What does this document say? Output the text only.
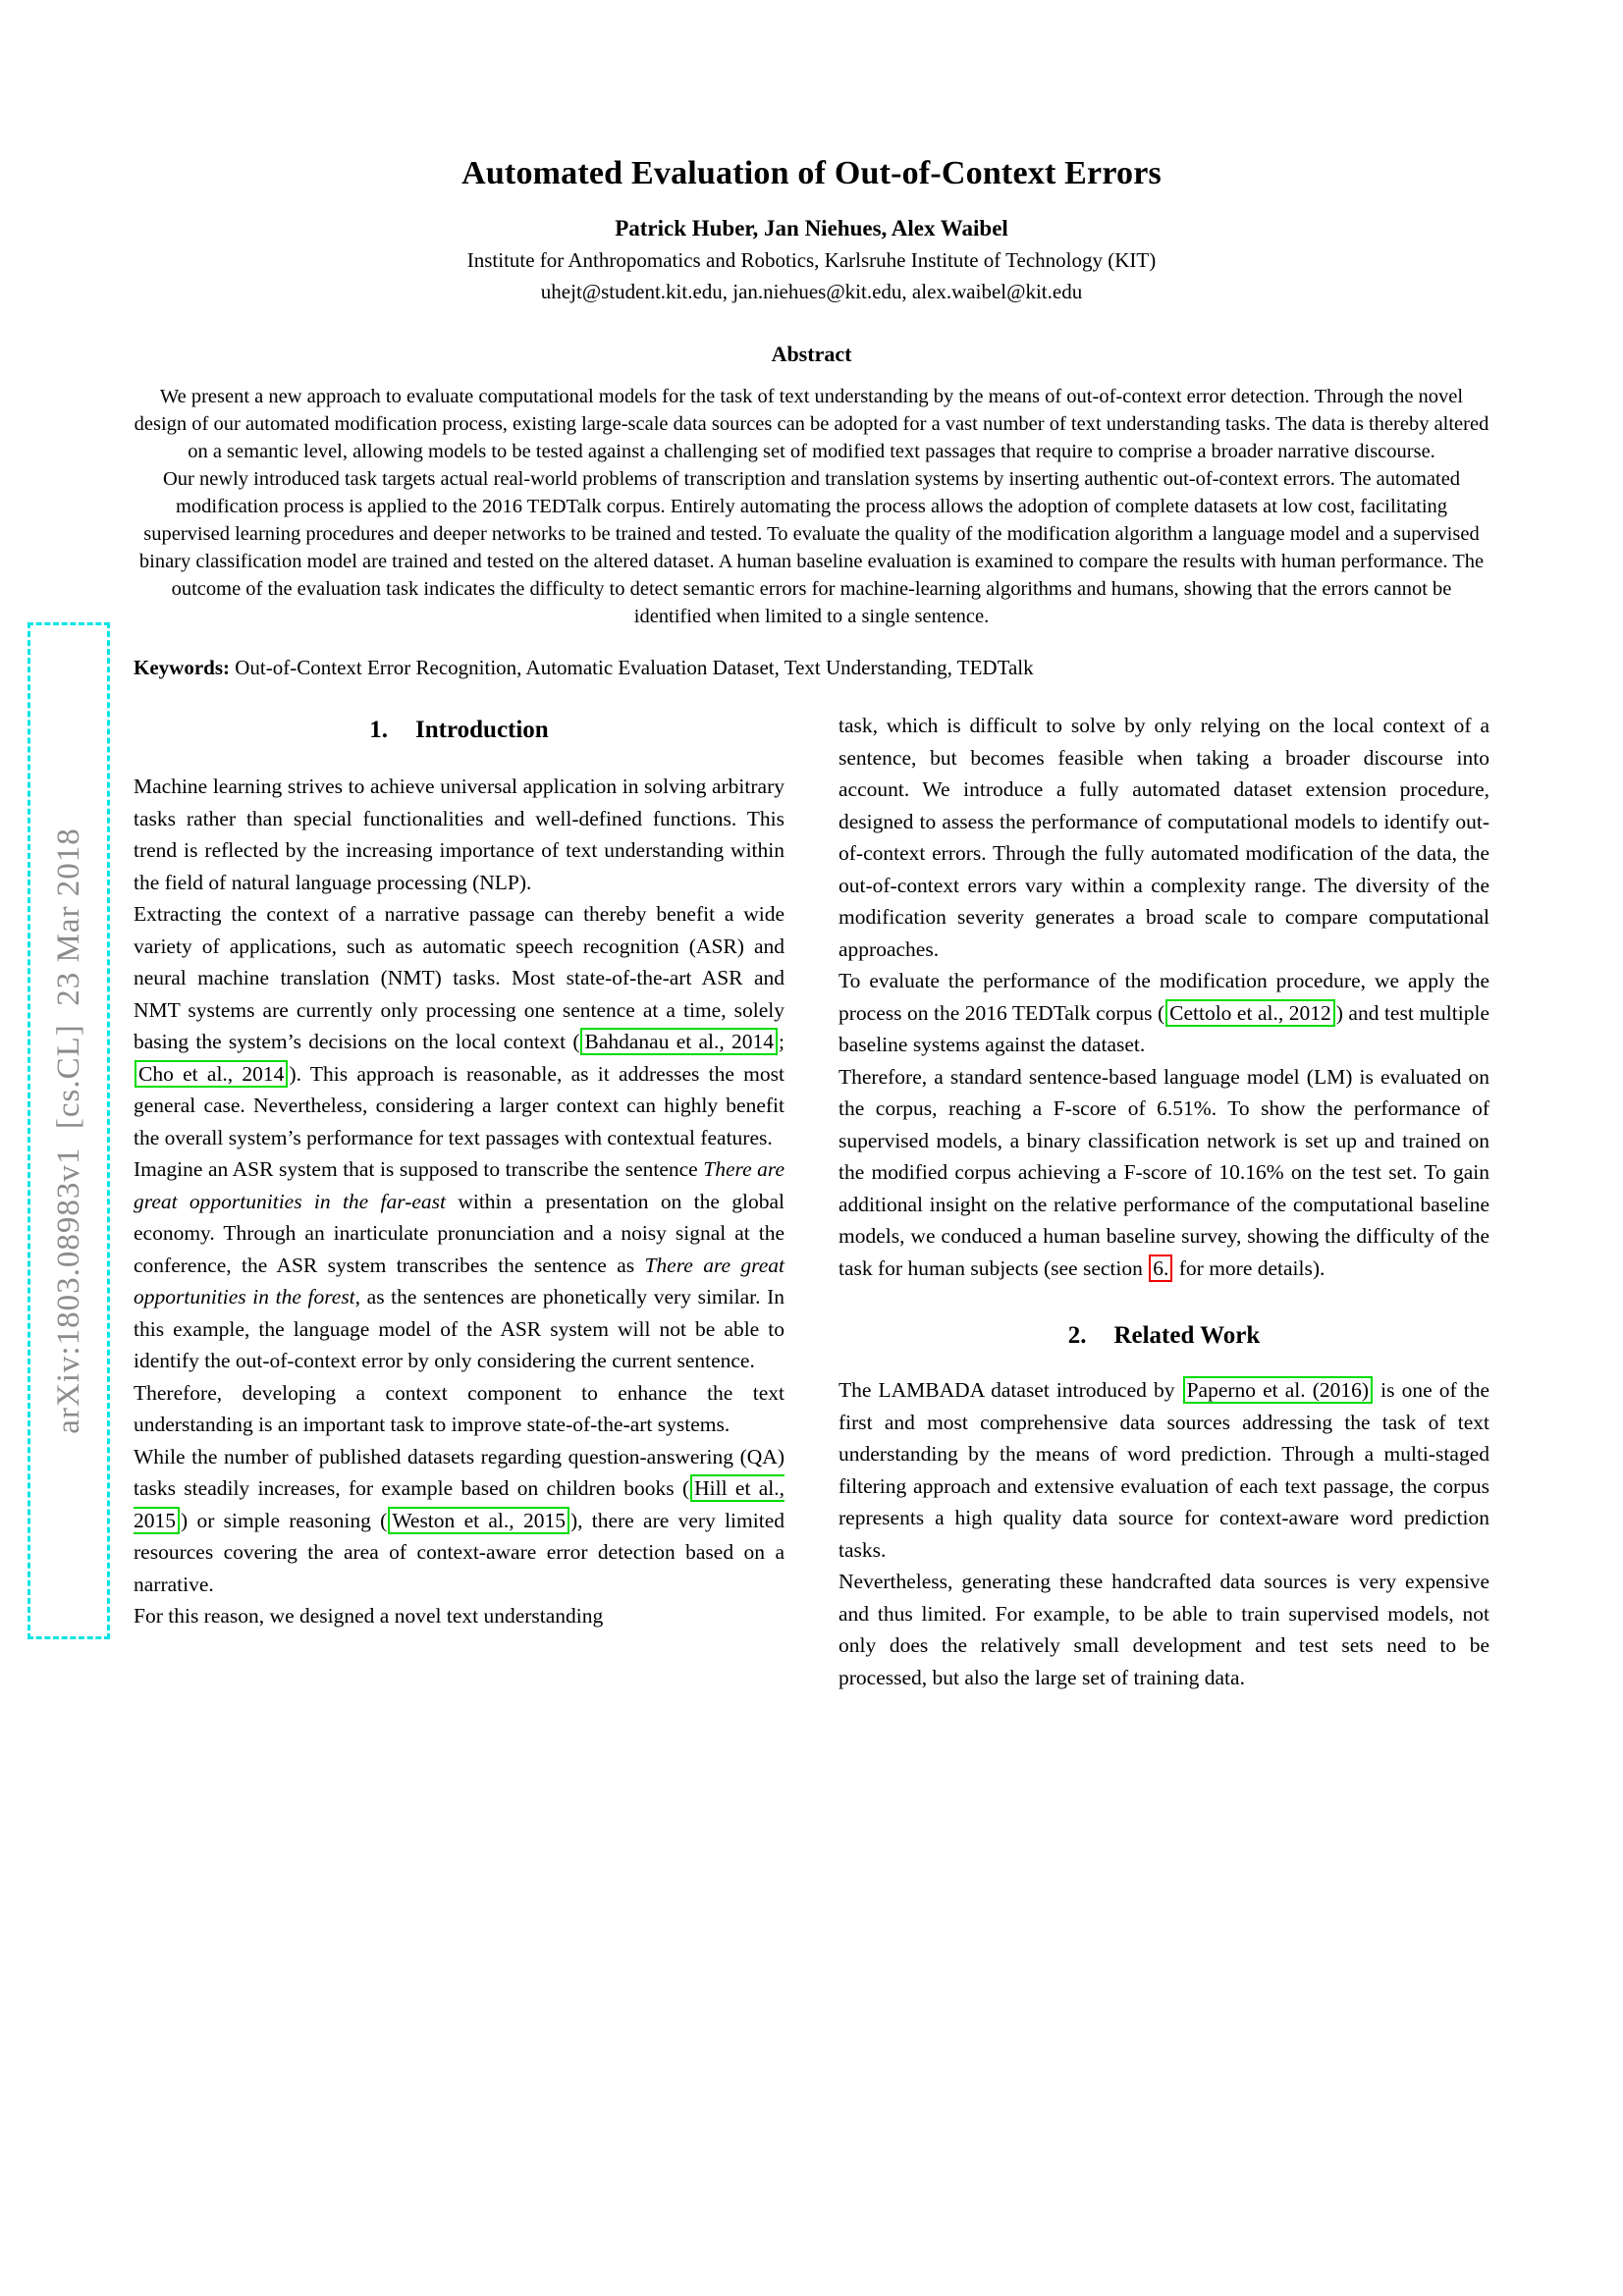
arXiv:1803.08983v1  [cs.CL]  23 Mar 2018
Automated Evaluation of Out-of-Context Errors
Patrick Huber, Jan Niehues, Alex Waibel
Institute for Anthropomatics and Robotics, Karlsruhe Institute of Technology (KIT)
uhejt@student.kit.edu, jan.niehues@kit.edu, alex.waibel@kit.edu
Abstract

We present a new approach to evaluate computational models for the task of text understanding by the means of out-of-context error detection. Through the novel design of our automated modification process, existing large-scale data sources can be adopted for a vast number of text understanding tasks. The data is thereby altered on a semantic level, allowing models to be tested against a challenging set of modified text passages that require to comprise a broader narrative discourse.

Our newly introduced task targets actual real-world problems of transcription and translation systems by inserting authentic out-of-context errors. The automated modification process is applied to the 2016 TEDTalk corpus. Entirely automating the process allows the adoption of complete datasets at low cost, facilitating supervised learning procedures and deeper networks to be trained and tested. To evaluate the quality of the modification algorithm a language model and a supervised binary classification model are trained and tested on the altered dataset. A human baseline evaluation is examined to compare the results with human performance. The outcome of the evaluation task indicates the difficulty to detect semantic errors for machine-learning algorithms and humans, showing that the errors cannot be identified when limited to a single sentence.

Keywords: Out-of-Context Error Recognition, Automatic Evaluation Dataset, Text Understanding, TEDTalk
1. Introduction

Machine learning strives to achieve universal application in solving arbitrary tasks rather than special functionalities and well-defined functions. This trend is reflected by the increasing importance of text understanding within the field of natural language processing (NLP).

Extracting the context of a narrative passage can thereby benefit a wide variety of applications, such as automatic speech recognition (ASR) and neural machine translation (NMT) tasks. Most state-of-the-art ASR and NMT systems are currently only processing one sentence at a time, solely basing the system’s decisions on the local context ( Bahdanau et al., 2014 ; Cho et al., 2014 ). This approach is reasonable, as it addresses the most general case. Nevertheless, considering a larger context can highly benefit the overall system’s performance for text passages with contextual features.

Imagine an ASR system that is supposed to transcribe the sentence There are great opportunities in the far-east within a presentation on the global economy. Through an inarticulate pronunciation and a noisy signal at the conference, the ASR system transcribes the sentence as There are great opportunities in the forest, as the sentences are phonetically very similar. In this example, the language model of the ASR system will not be able to identify the out-of-context error by only considering the current sentence.

Therefore, developing a context component to enhance the text understanding is an important task to improve state-of-the-art systems.

While the number of published datasets regarding question-answering (QA) tasks steadily increases, for example based on children books ( Hill et al., 2015 ) or simple reasoning ( Weston et al., 2015 ), there are very limited resources covering the area of context-aware error detection based on a narrative.

For this reason, we designed a novel text understanding

task, which is difficult to solve by only relying on the local context of a sentence, but becomes feasible when taking a broader discourse into account. We introduce a fully automated dataset extension procedure, designed to assess the performance of computational models to identify out-of-context errors. Through the fully automated modification of the data, the out-of-context errors vary within a complexity range. The diversity of the modification severity generates a broad scale to compare computational approaches.

To evaluate the performance of the modification procedure, we apply the process on the 2016 TEDTalk corpus ( Cettolo et al., 2012 ) and test multiple baseline systems against the dataset.

Therefore, a standard sentence-based language model (LM) is evaluated on the corpus, reaching a F-score of 6.51%. To show the performance of supervised models, a binary classification network is set up and trained on the modified corpus achieving a F-score of 10.16% on the test set. To gain additional insight on the relative performance of the computational baseline models, we conduced a human baseline survey, showing the difficulty of the task for human subjects (see section 6. for more details).

2. Related Work

The LAMBADA dataset introduced by Paperno et al. (2016) is one of the first and most comprehensive data sources addressing the task of text understanding by the means of word prediction. Through a multi-staged filtering approach and extensive evaluation of each text passage, the corpus represents a high quality data source for context-aware word prediction tasks.

Nevertheless, generating these handcrafted data sources is very expensive and thus limited. For example, to be able to train supervised models, not only does the relatively small development and test sets need to be processed, but also the large set of training data.
